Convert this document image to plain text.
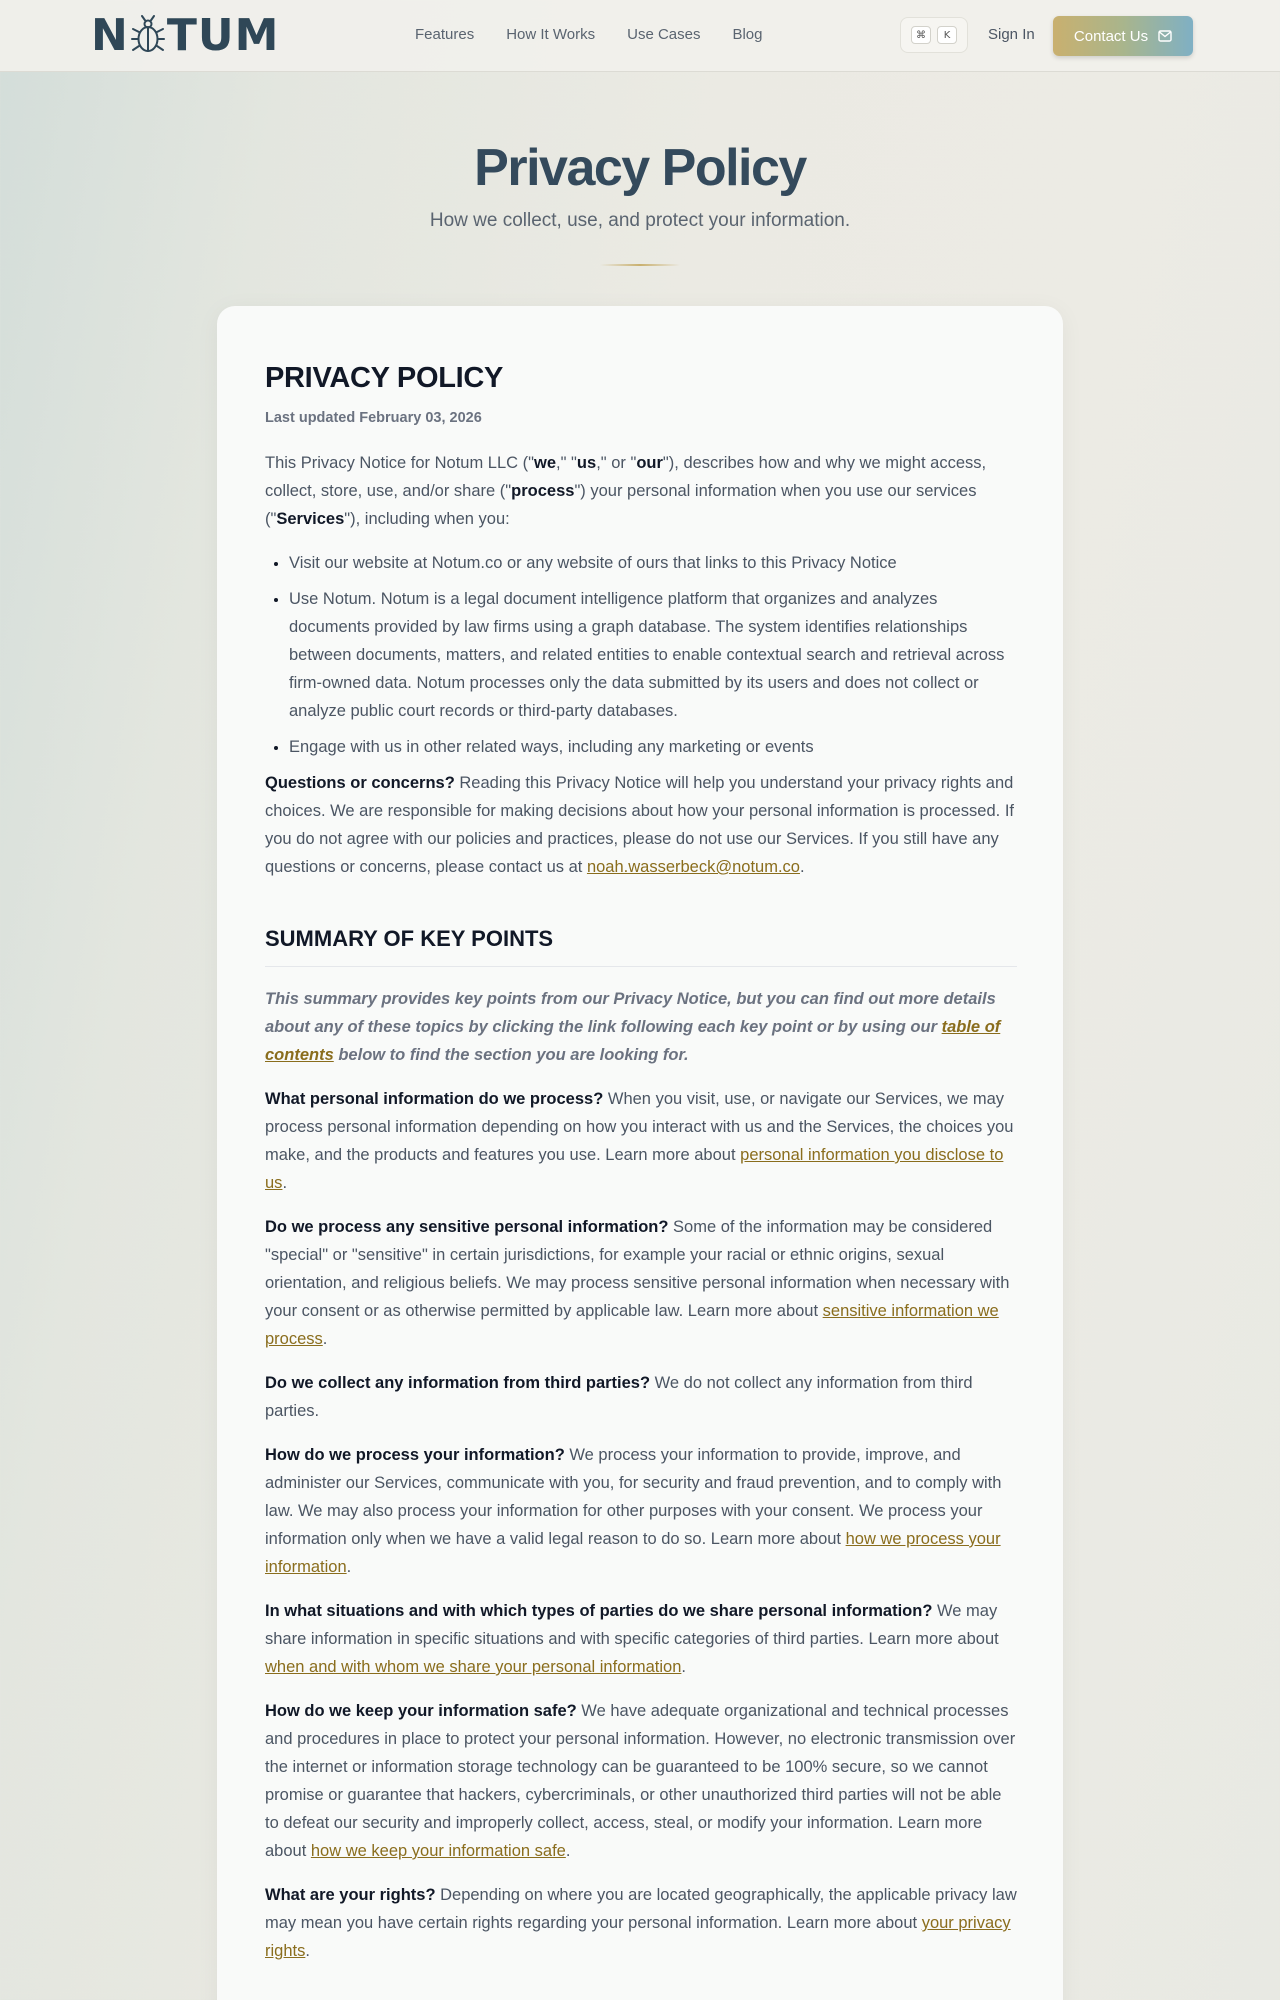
N TUM	Features How It Works Use Cases Blog	⌘	K	Sign In	Contact Us
Privacy Policy

How we collect, use, and protect your information.

PRIVACY POLICY
Last updated February 03, 2026

This Privacy Notice for Notum LLC ("we," "us," or "our"), describes how and why we might access, collect, store, use, and/or share ("process") your personal information when you use our services ("Services"), including when you:

• Visit our website at Notum.co or any website of ours that links to this Privacy Notice
• Use Notum. Notum is a legal document intelligence platform that organizes and analyzes documents provided by law firms using a graph database. The system identifies relationships between documents, matters, and related entities to enable contextual search and retrieval across firm-owned data. Notum processes only the data submitted by its users and does not collect or analyze public court records or third-party databases.
• Engage with us in other related ways, including any marketing or events

Questions or concerns? Reading this Privacy Notice will help you understand your privacy rights and choices. We are responsible for making decisions about how your personal information is processed. If you do not agree with our policies and practices, please do not use our Services. If you still have any questions or concerns, please contact us at noah.wasserbeck@notum.co.

SUMMARY OF KEY POINTS

This summary provides key points from our Privacy Notice, but you can find out more details about any of these topics by clicking the link following each key point or by using our table of contents below to find the section you are looking for.

What personal information do we process? When you visit, use, or navigate our Services, we may process personal information depending on how you interact with us and the Services, the choices you make, and the products and features you use. Learn more about personal information you disclose to us.

Do we process any sensitive personal information? Some of the information may be considered "special" or "sensitive" in certain jurisdictions, for example your racial or ethnic origins, sexual orientation, and religious beliefs. We may process sensitive personal information when necessary with your consent or as otherwise permitted by applicable law. Learn more about sensitive information we process.

Do we collect any information from third parties? We do not collect any information from third parties.

How do we process your information? We process your information to provide, improve, and administer our Services, communicate with you, for security and fraud prevention, and to comply with law. We may also process your information for other purposes with your consent. We process your information only when we have a valid legal reason to do so. Learn more about how we process your information.

In what situations and with which types of parties do we share personal information? We may share information in specific situations and with specific categories of third parties. Learn more about when and with whom we share your personal information.

How do we keep your information safe? We have adequate organizational and technical processes and procedures in place to protect your personal information. However, no electronic transmission over the internet or information storage technology can be guaranteed to be 100% secure, so we cannot promise or guarantee that hackers, cybercriminals, or other unauthorized third parties will not be able to defeat our security and improperly collect, access, steal, or modify your information. Learn more about how we keep your information safe.

What are your rights? Depending on where you are located geographically, the applicable privacy law may mean you have certain rights regarding your personal information. Learn more about your privacy rights.
